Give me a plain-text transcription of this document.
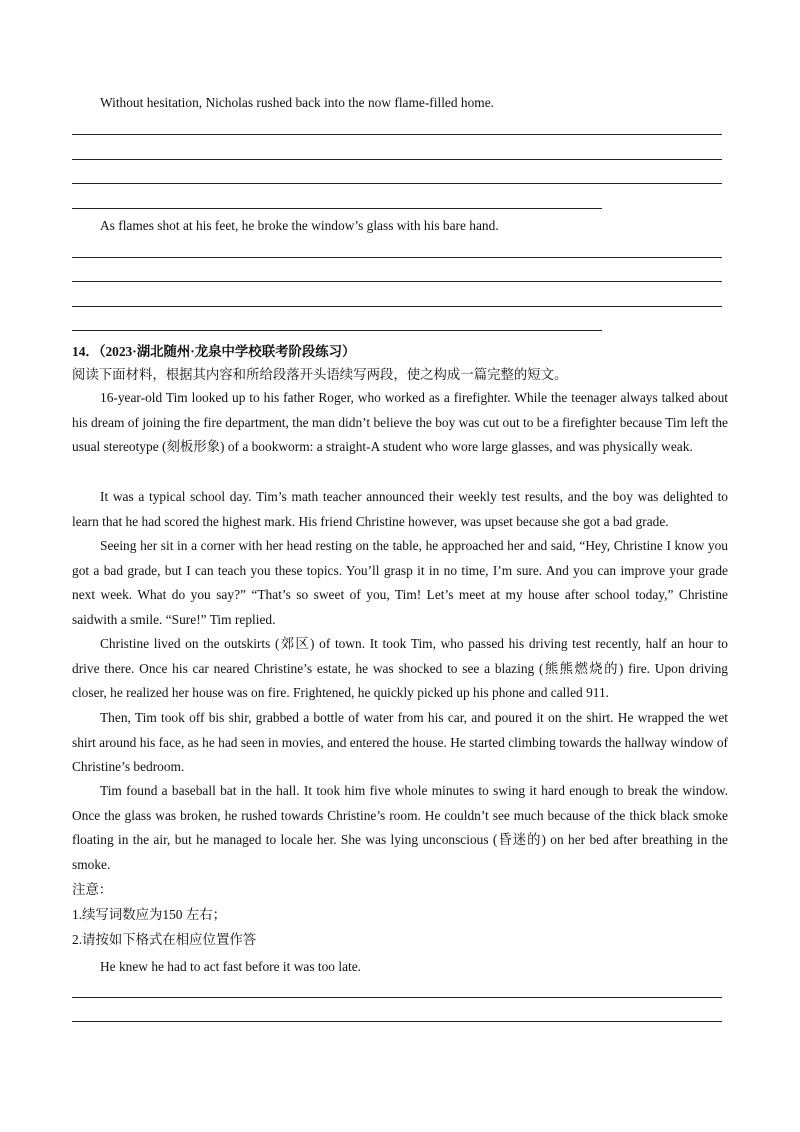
Without hesitation, Nicholas rushed back into the now flame-filled home.
As flames shot at his feet, he broke the window’s glass with his bare hand.
14．（2023·湖北随州·龙泉中学校联考阶段练习）
阅读下面材料，根据其内容和所给段落开头语续写两段，使之构成一篇完整的短文。
16-year-old Tim looked up to his father Roger, who worked as a firefighter. While the teenager always talked about his dream of joining the fire department, the man didn’t believe the boy was cut out to be a firefighter because Tim left the usual stereotype (刻板形象) of a bookworm: a straight-A student who wore large glasses, and was physically weak.
It was a typical school day. Tim’s math teacher announced their weekly test results, and the boy was delighted to learn that he had scored the highest mark. His friend Christine however, was upset because she got a bad grade.
Seeing her sit in a corner with her head resting on the table, he approached her and said, “Hey, Christine I know you got a bad grade, but I can teach you these topics. You’ll grasp it in no time, I’m sure. And you can improve your grade next week. What do you say?” “That’s so sweet of you, Tim! Let’s meet at my house after school today,” Christine saidwith a smile. “Sure!” Tim replied.
Christine lived on the outskirts (郊区) of town. It took Tim, who passed his driving test recently, half an hour to drive there. Once his car neared Christine’s estate, he was shocked to see a blazing (熊熊燃烧的) fire. Upon driving closer, he realized her house was on fire. Frightened, he quickly picked up his phone and called 911.
Then, Tim took off bis shir, grabbed a bottle of water from his car, and poured it on the shirt. He wrapped the wet shirt around his face, as he had seen in movies, and entered the house. He started climbing towards the hallway window of Christine’s bedroom.
Tim found a baseball bat in the hall. It took him five whole minutes to swing it hard enough to break the window. Once the glass was broken, he rushed towards Christine’s room. He couldn’t see much because of the thick black smoke floating in the air, but he managed to locale her. She was lying unconscious (昏迷的) on her bed after breathing in the smoke.
注意：
1.续写词数应为150 左右；
2.请按如下格式在相应位置作答
He knew he had to act fast before it was too late.
